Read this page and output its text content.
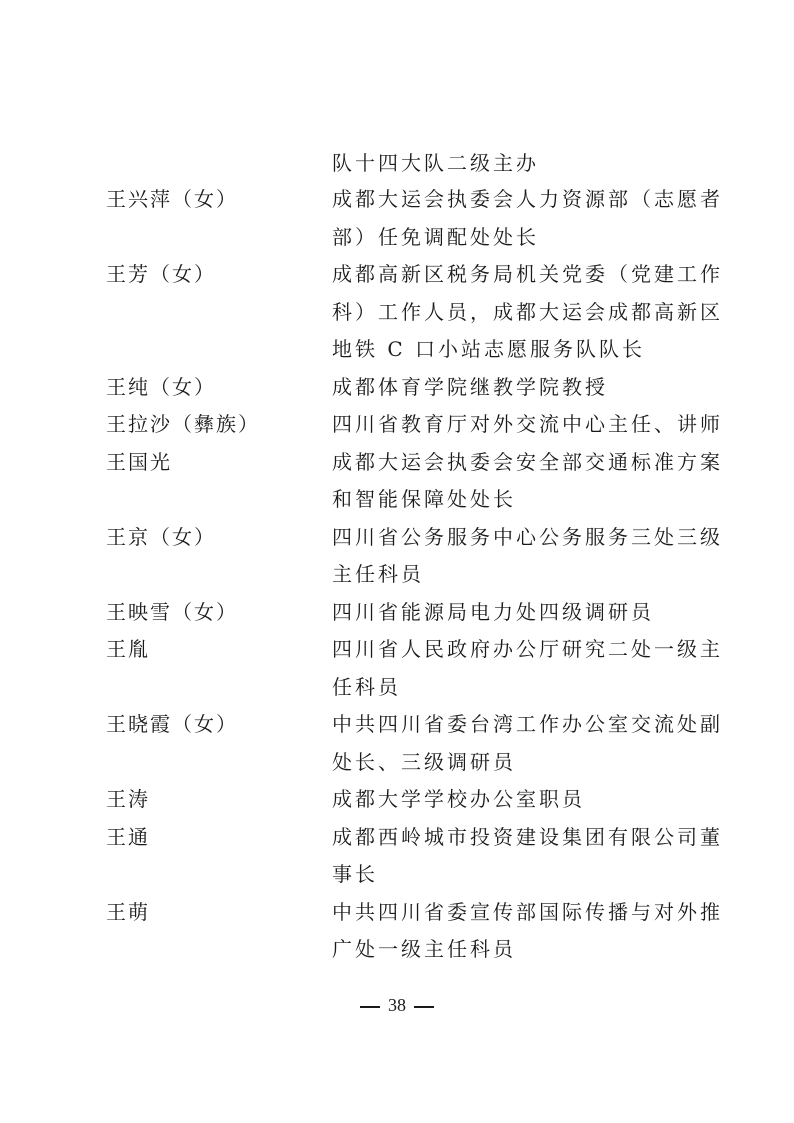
队十四大队二级主办
王兴萍（女）	成都大运会执委会人力资源部（志愿者
部）任免调配处处长
王芳（女）	成都高新区税务局机关党委（党建工作
科）工作人员，成都大运会成都高新区
地铁 C 口小站志愿服务队队长
王纯（女）	成都体育学院继教学院教授
王拉沙（彝族）	四川省教育厅对外交流中心主任、讲师
王国光	成都大运会执委会安全部交通标准方案
和智能保障处处长
王京（女）	四川省公务服务中心公务服务三处三级
主任科员
王映雪（女）	四川省能源局电力处四级调研员
王胤	四川省人民政府办公厅研究二处一级主
任科员
王晓霞（女）	中共四川省委台湾工作办公室交流处副
处长、三级调研员
王涛	成都大学学校办公室职员
王通	成都西岭城市投资建设集团有限公司董
事长
王萌	中共四川省委宣传部国际传播与对外推
广处一级主任科员
38
